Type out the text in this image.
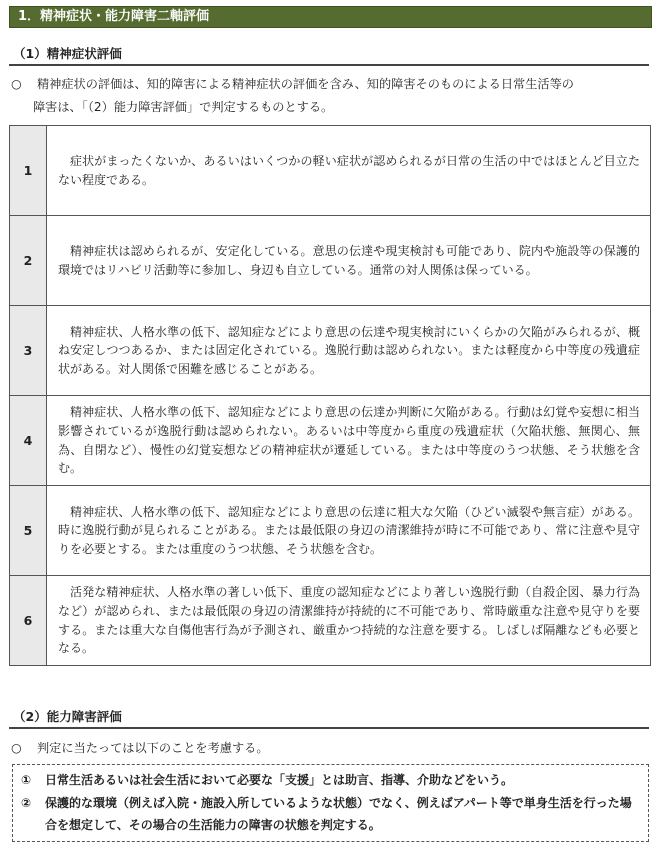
1．精神症状・能力障害二軸評価
（1）精神症状評価
○ 精神症状の評価は、知的障害による精神症状の評価を含み、知的障害そのものによる日常生活等の
障害は、「（2）能力障害評価」で判定するものとする。
1	症状がまったくないか、あるいはいくつかの軽い症状が認められるが日常の生活の中ではほとんど目立たない程度である。

2	精神症状は認められるが、安定化している。意思の伝達や現実検討も可能であり、院内や施設等の保護的環境ではリハビリ活動等に参加し、身辺も自立している。通常の対人関係は保っている。

3	精神症状、人格水準の低下、認知症などにより意思の伝達や現実検討にいくらかの欠陥がみられるが、概ね安定しつつあるか、または固定化されている。逸脱行動は認められない。または軽度から中等度の残遺症状がある。対人関係で困難を感じることがある。

4	精神症状、人格水準の低下、認知症などにより意思の伝達か判断に欠陥がある。行動は幻覚や妄想に相当影響されているが逸脱行動は認められない。あるいは中等度から重度の残遺症状（欠陥状態、無関心、無為、自閉など）、慢性の幻覚妄想などの精神症状が遷延している。または中等度のうつ状態、そう状態を含む。

5	精神症状、人格水準の低下、認知症などにより意思の伝達に粗大な欠陥（ひどい滅裂や無言症）がある。時に逸脱行動が見られることがある。または最低限の身辺の清潔維持が時に不可能であり、常に注意や見守りを必要とする。または重度のうつ状態、そう状態を含む。

6	活発な精神症状、人格水準の著しい低下、重度の認知症などにより著しい逸脱行動（自殺企図、暴力行為など）が認められ、または最低限の身辺の清潔維持が持続的に不可能であり、常時厳重な注意や見守りを要する。または重大な自傷他害行為が予測され、厳重かつ持続的な注意を要する。しばしば隔離なども必要となる。
（2）能力障害評価
○ 判定に当たっては以下のことを考慮する。
①	日常生活あるいは社会生活において必要な「支援」とは助言、指導、介助などをいう。
②	保護的な環境（例えば入院・施設入所しているような状態）でなく、例えばアパート等で単身生活を行った場合を想定して、その場合の生活能力の障害の状態を判定する。
